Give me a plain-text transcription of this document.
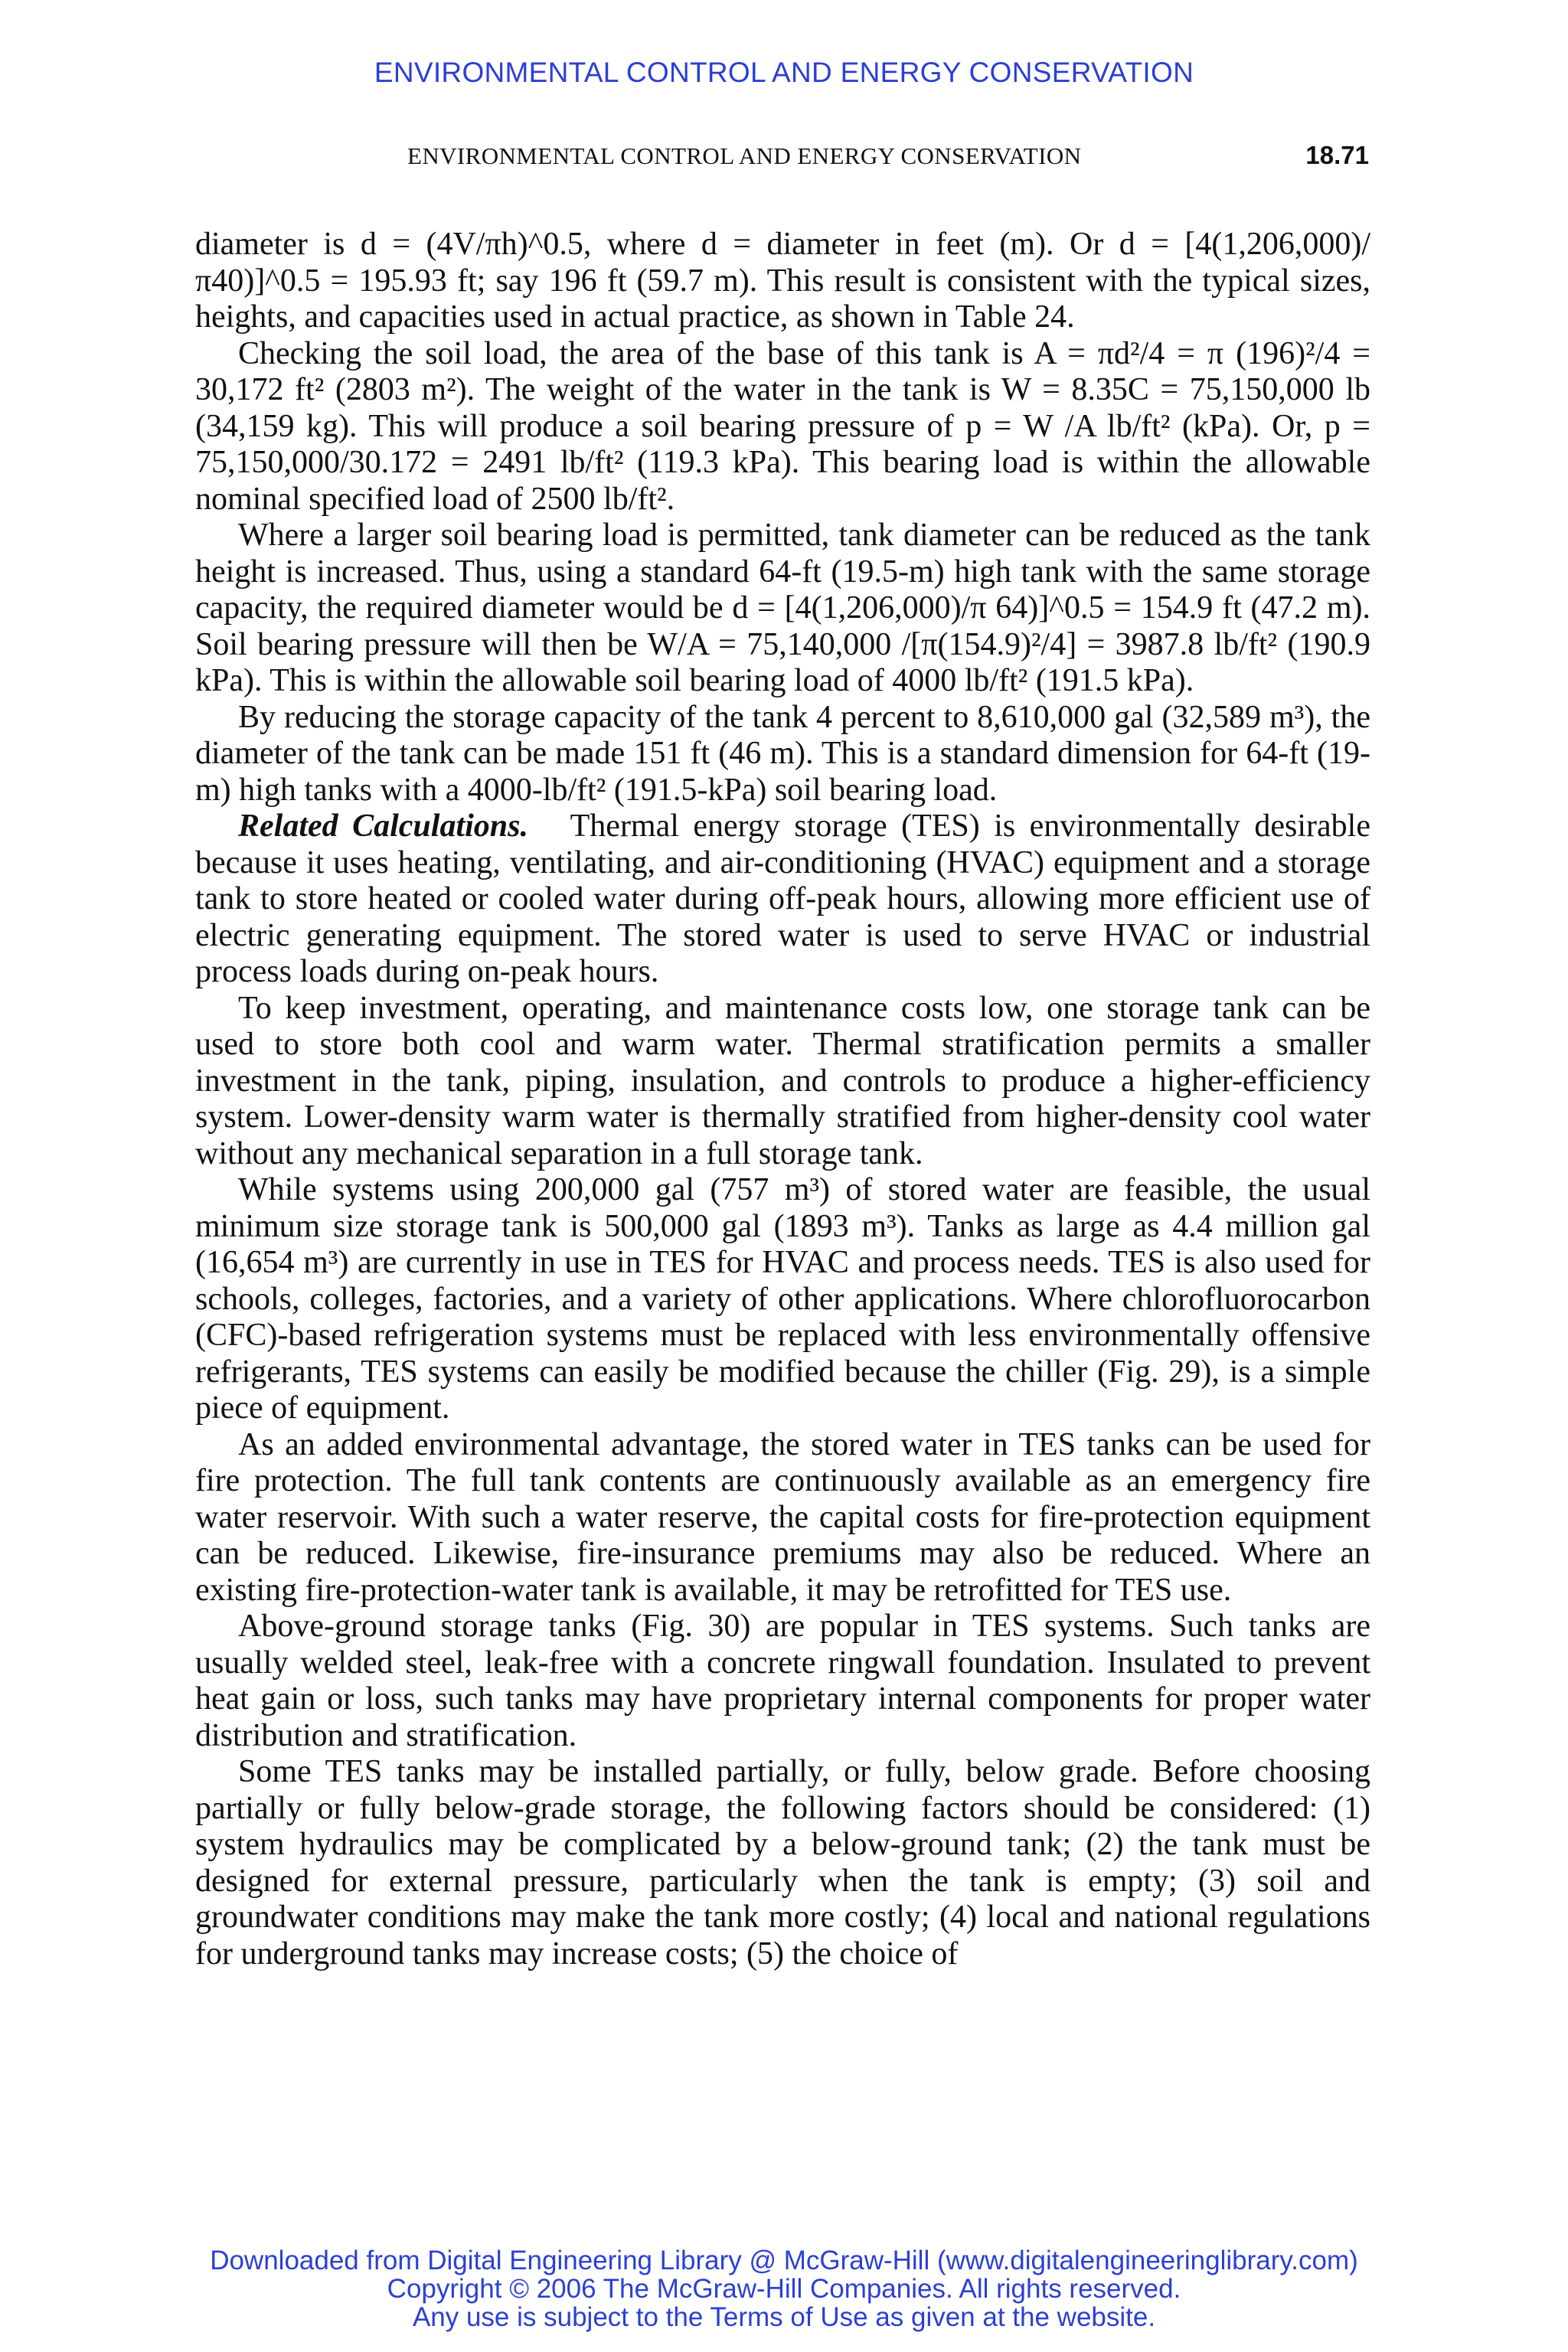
ENVIRONMENTAL CONTROL AND ENERGY CONSERVATION
ENVIRONMENTAL CONTROL AND ENERGY CONSERVATION	18.71

diameter is d = (4V/πh)^0.5, where d = diameter in feet (m). Or d = [4(1,206,000)/π40)]^0.5 = 195.93 ft; say 196 ft (59.7 m). This result is consistent with the typical sizes, heights, and capacities used in actual practice, as shown in Table 24.

Checking the soil load, the area of the base of this tank is A = πd²/4 = π (196)²/4 = 30,172 ft² (2803 m²). The weight of the water in the tank is W = 8.35C = 75,150,000 lb (34,159 kg). This will produce a soil bearing pressure of p = W /A lb/ft² (kPa). Or, p = 75,150,000/30.172 = 2491 lb/ft² (119.3 kPa). This bearing load is within the allowable nominal specified load of 2500 lb/ft².

Where a larger soil bearing load is permitted, tank diameter can be reduced as the tank height is increased. Thus, using a standard 64-ft (19.5-m) high tank with the same storage capacity, the required diameter would be d = [4(1,206,000)/π 64)]^0.5 = 154.9 ft (47.2 m). Soil bearing pressure will then be W/A = 75,140,000 /[π(154.9)²/4] = 3987.8 lb/ft² (190.9 kPa). This is within the allowable soil bearing load of 4000 lb/ft² (191.5 kPa).

By reducing the storage capacity of the tank 4 percent to 8,610,000 gal (32,589 m³), the diameter of the tank can be made 151 ft (46 m). This is a standard dimension for 64-ft (19-m) high tanks with a 4000-lb/ft² (191.5-kPa) soil bearing load.

Related Calculations. Thermal energy storage (TES) is environmentally desirable because it uses heating, ventilating, and air-conditioning (HVAC) equipment and a storage tank to store heated or cooled water during off-peak hours, allowing more efficient use of electric generating equipment. The stored water is used to serve HVAC or industrial process loads during on-peak hours.

To keep investment, operating, and maintenance costs low, one storage tank can be used to store both cool and warm water. Thermal stratification permits a smaller investment in the tank, piping, insulation, and controls to produce a higher-efficiency system. Lower-density warm water is thermally stratified from higher-density cool water without any mechanical separation in a full storage tank.

While systems using 200,000 gal (757 m³) of stored water are feasible, the usual minimum size storage tank is 500,000 gal (1893 m³). Tanks as large as 4.4 million gal (16,654 m³) are currently in use in TES for HVAC and process needs. TES is also used for schools, colleges, factories, and a variety of other applications. Where chlorofluorocarbon (CFC)-based refrigeration systems must be replaced with less environmentally offensive refrigerants, TES systems can easily be modified because the chiller (Fig. 29), is a simple piece of equipment.

As an added environmental advantage, the stored water in TES tanks can be used for fire protection. The full tank contents are continuously available as an emergency fire water reservoir. With such a water reserve, the capital costs for fire-protection equipment can be reduced. Likewise, fire-insurance premiums may also be reduced. Where an existing fire-protection-water tank is available, it may be retrofitted for TES use.

Above-ground storage tanks (Fig. 30) are popular in TES systems. Such tanks are usually welded steel, leak-free with a concrete ringwall foundation. Insulated to prevent heat gain or loss, such tanks may have proprietary internal components for proper water distribution and stratification.

Some TES tanks may be installed partially, or fully, below grade. Before choosing partially or fully below-grade storage, the following factors should be considered: (1) system hydraulics may be complicated by a below-ground tank; (2) the tank must be designed for external pressure, particularly when the tank is empty; (3) soil and groundwater conditions may make the tank more costly; (4) local and national regulations for underground tanks may increase costs; (5) the choice of

Downloaded from Digital Engineering Library @ McGraw-Hill (www.digitalengineeringlibrary.com)
Copyright © 2006 The McGraw-Hill Companies. All rights reserved.
Any use is subject to the Terms of Use as given at the website.
